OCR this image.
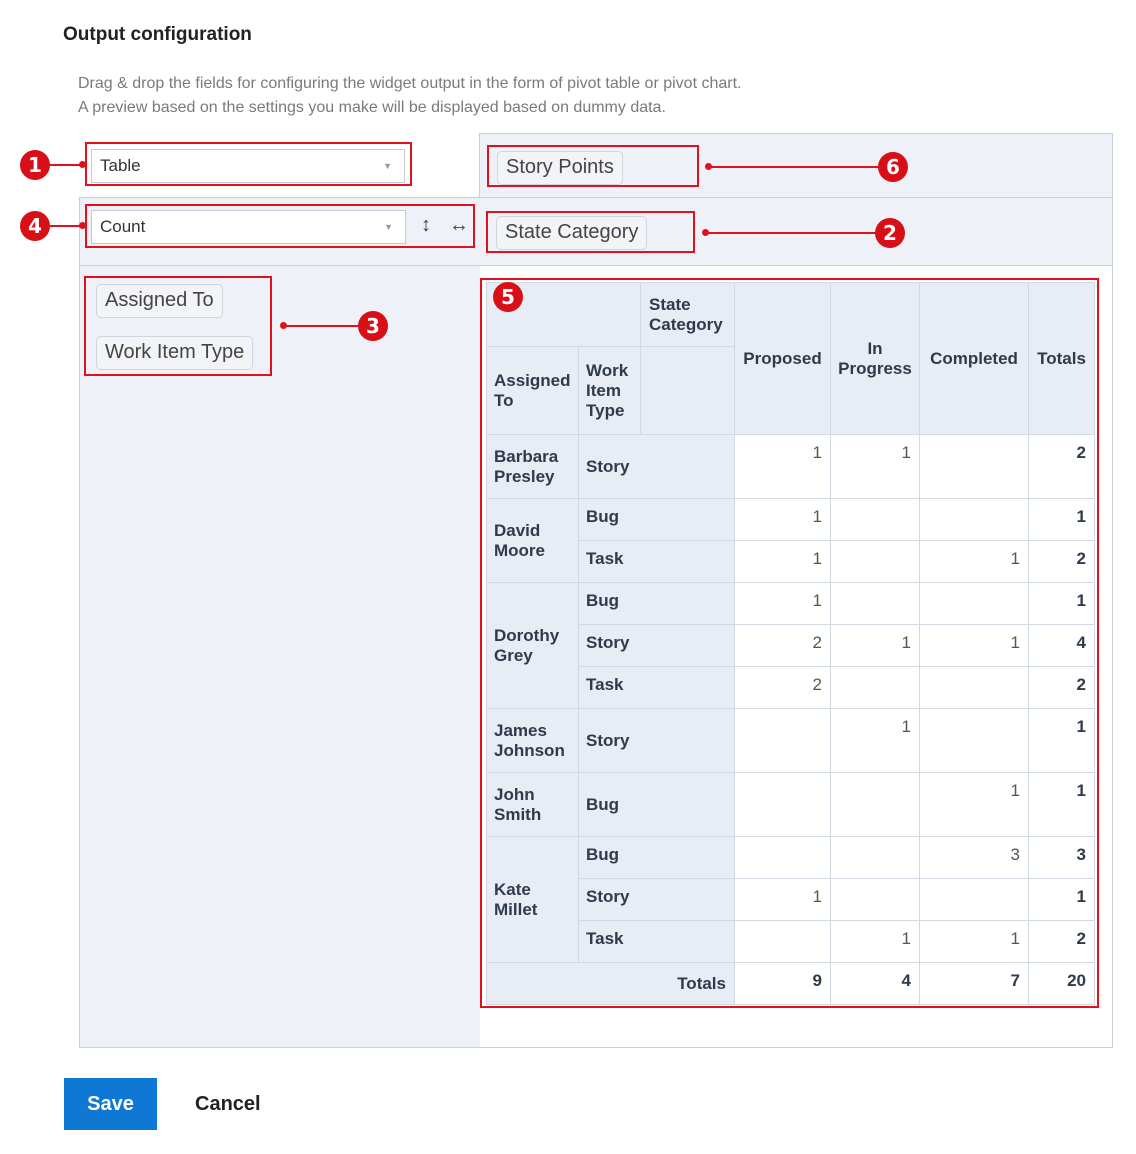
Output configuration
Drag & drop the fields for configuring the widget output in the form of pivot table or pivot chart.
A preview based on the settings you make will be displayed based on dummy data.
Table	▼
Count	▼ ↕ ↔
Story Points
State Category
Assigned To
Work Item Type
		State Category	Proposed	In Progress	Completed	Totals
Assigned To	Work Item Type					
Barbara Presley	Story		1	1		2
David Moore	Bug		1			1
	Task		1		1	2
Dorothy Grey	Bug		1			1
	Story		2	1	1	4
	Task		2			2
James Johnson	Story			1		1
John Smith	Bug				1	1
Kate Millet	Bug				3	3
	Story		1			1
	Task			1	1	2
Totals			9	4	7	20
1
4
6
2
3
5
Save	Cancel
